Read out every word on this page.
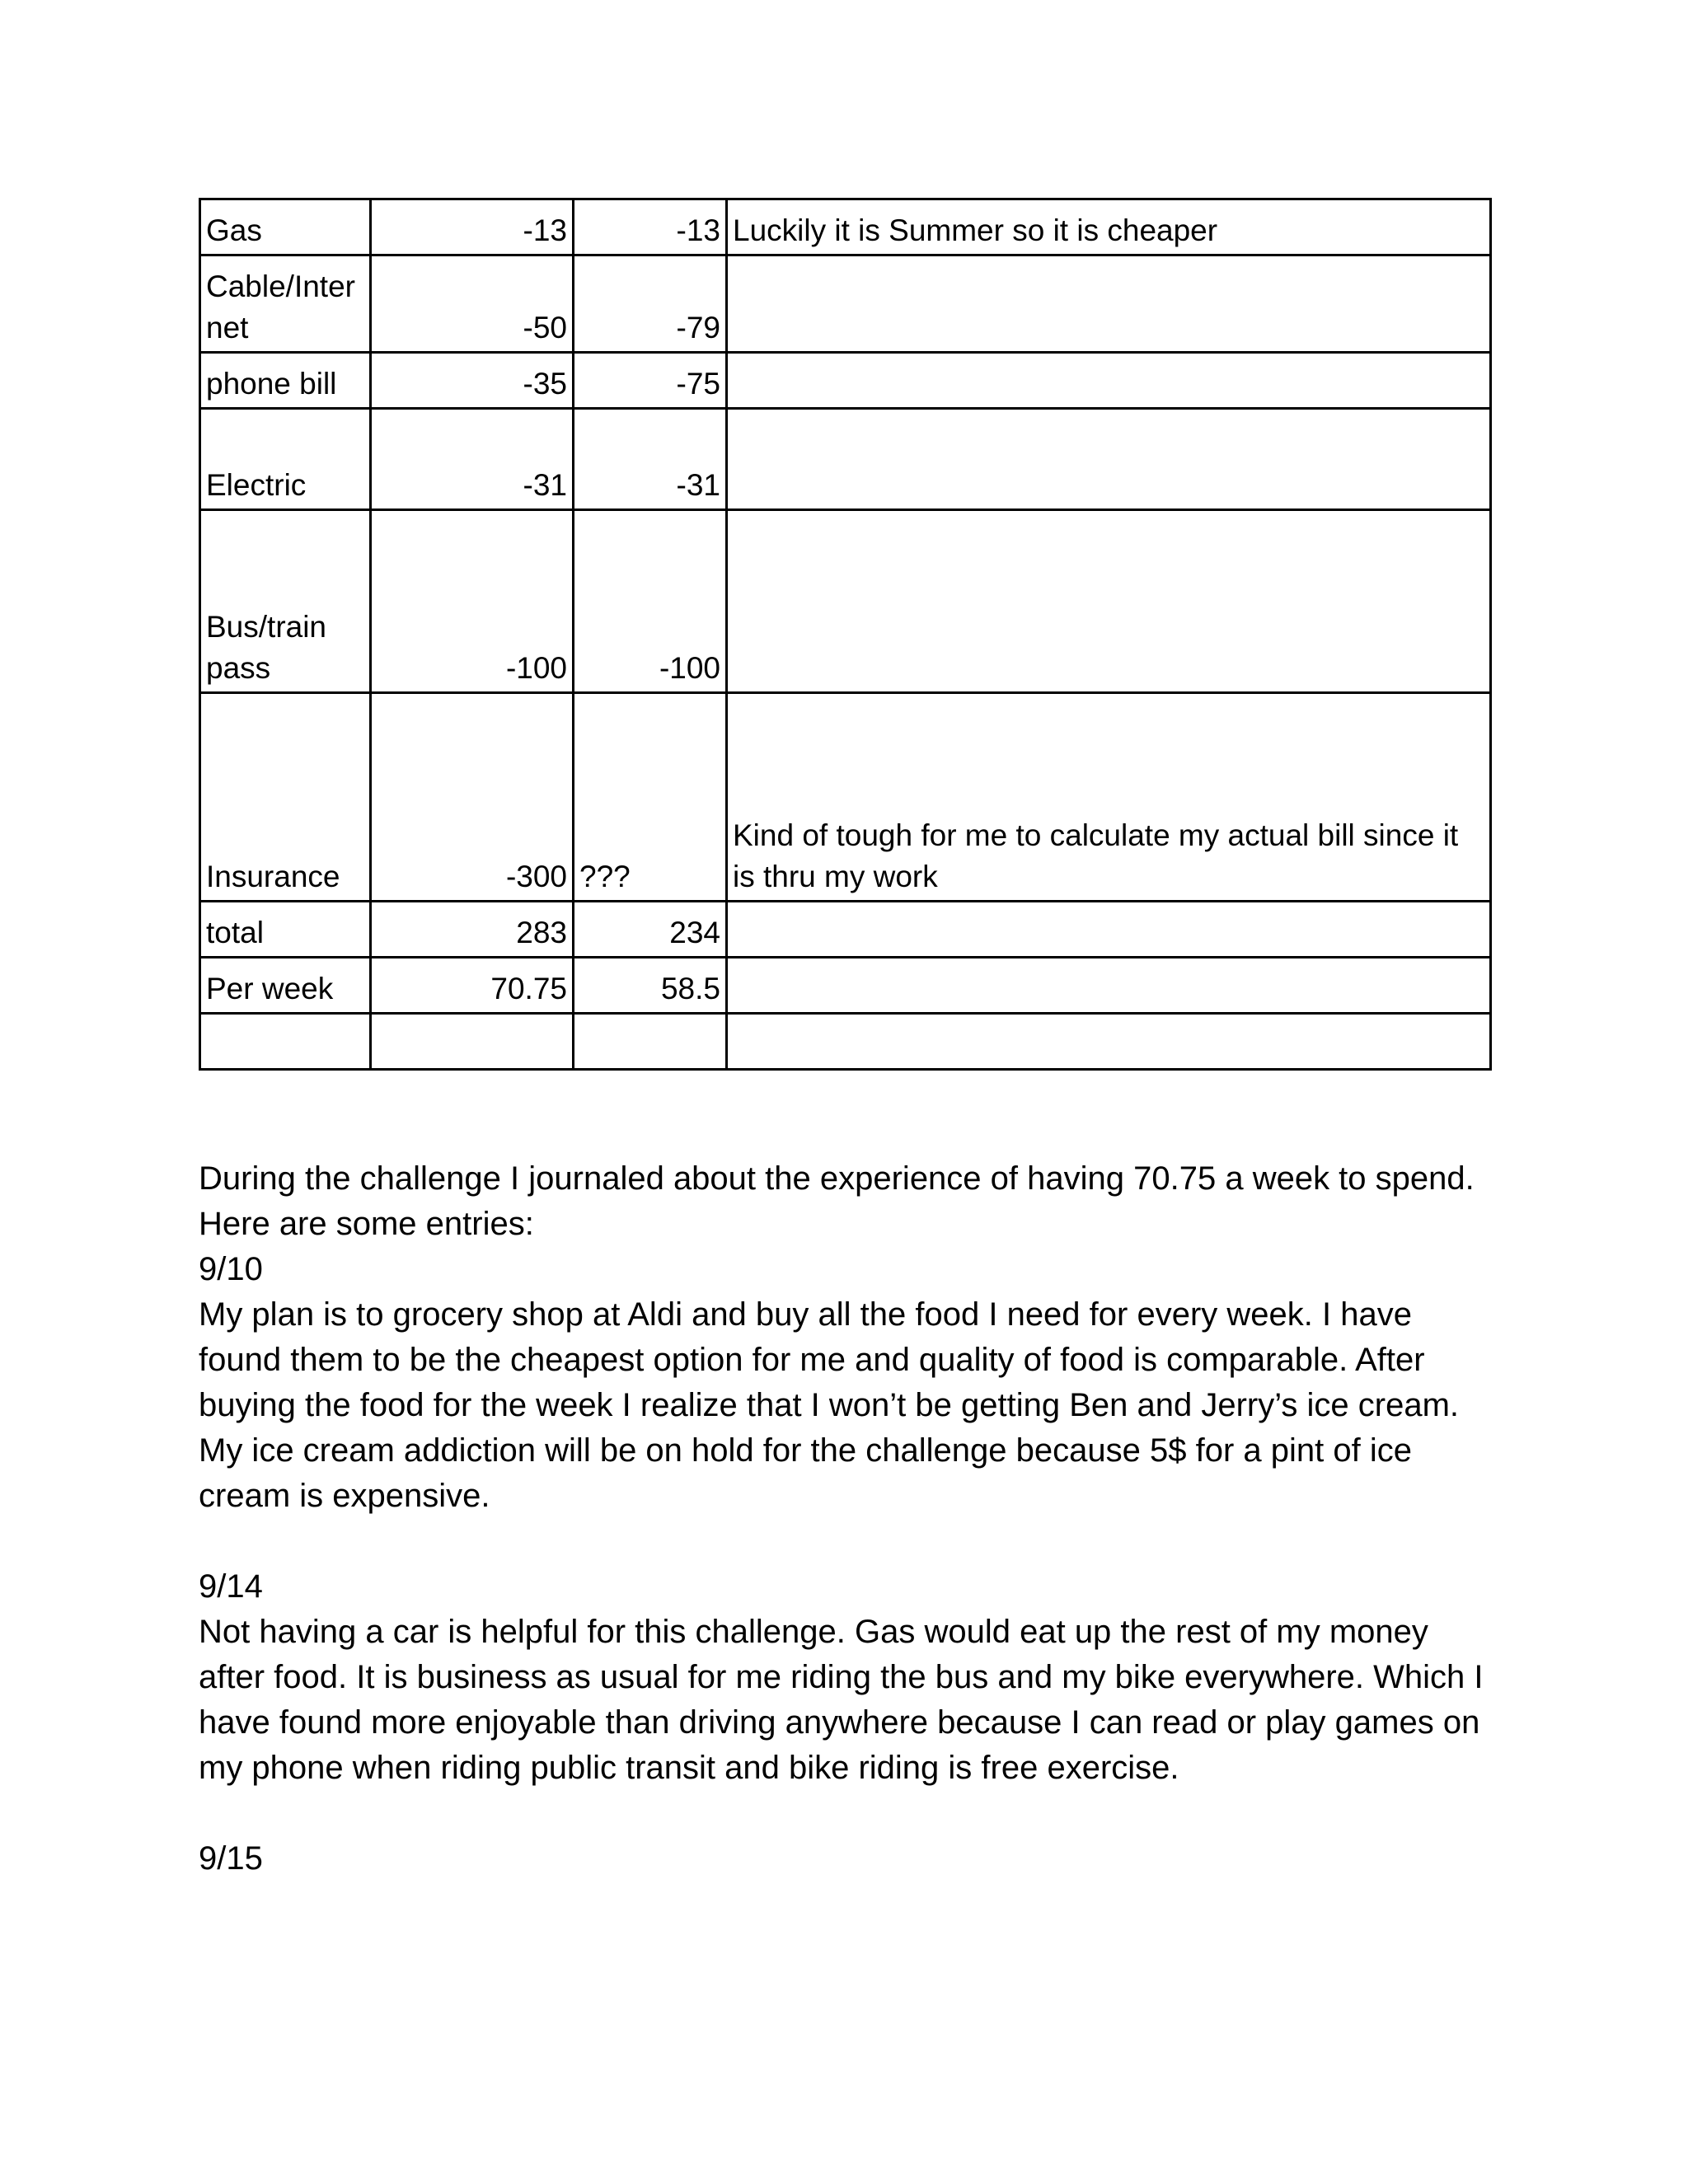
Gas	-13	-13	Luckily it is Summer so it is cheaper
Cable/Inter
net	-50	-79	
phone bill	-35	-75	
Electric	-31	-31	
Bus/train
pass	-100	-100	
Insurance	-300	???	Kind of tough for me to calculate my actual bill since it is thru my work
total	283	234	
Per week	70.75	58.5	

During the challenge I journaled about the experience of having 70.75 a week to spend. Here are some entries:

9/10

My plan is to grocery shop at Aldi and buy all the food I need for every week. I have found them to be the cheapest option for me and quality of food is comparable. After buying the food for the week I realize that I won’t be getting Ben and Jerry’s ice cream. My ice cream addiction will be on hold for the challenge because 5$ for a pint of ice cream is expensive.

9/14

Not having a car is helpful for this challenge. Gas would eat up the rest of my money after food. It is business as usual for me riding the bus and my bike everywhere. Which I have found more enjoyable than driving anywhere because I can read or play games on my phone when riding public transit and bike riding is free exercise.

9/15
